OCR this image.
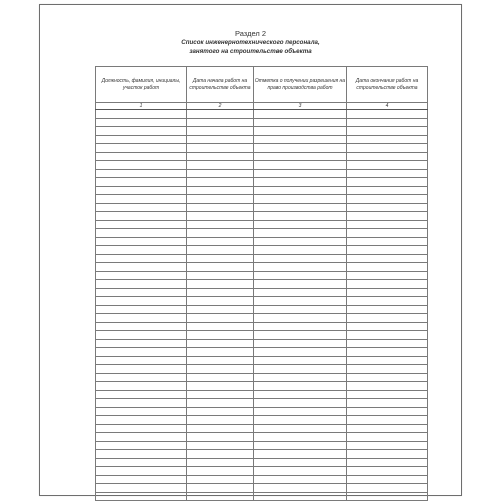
Раздел 2
Список инженернотехнического персонала,
занятого на строительстве объекта
Должность, фамилия, инициалы, участок работ	Дата начала работ на строительстве объекта	Отметка о получении разрешения на право производства работ	Дата окончания работ на строительстве объекта
1	2	3	4
